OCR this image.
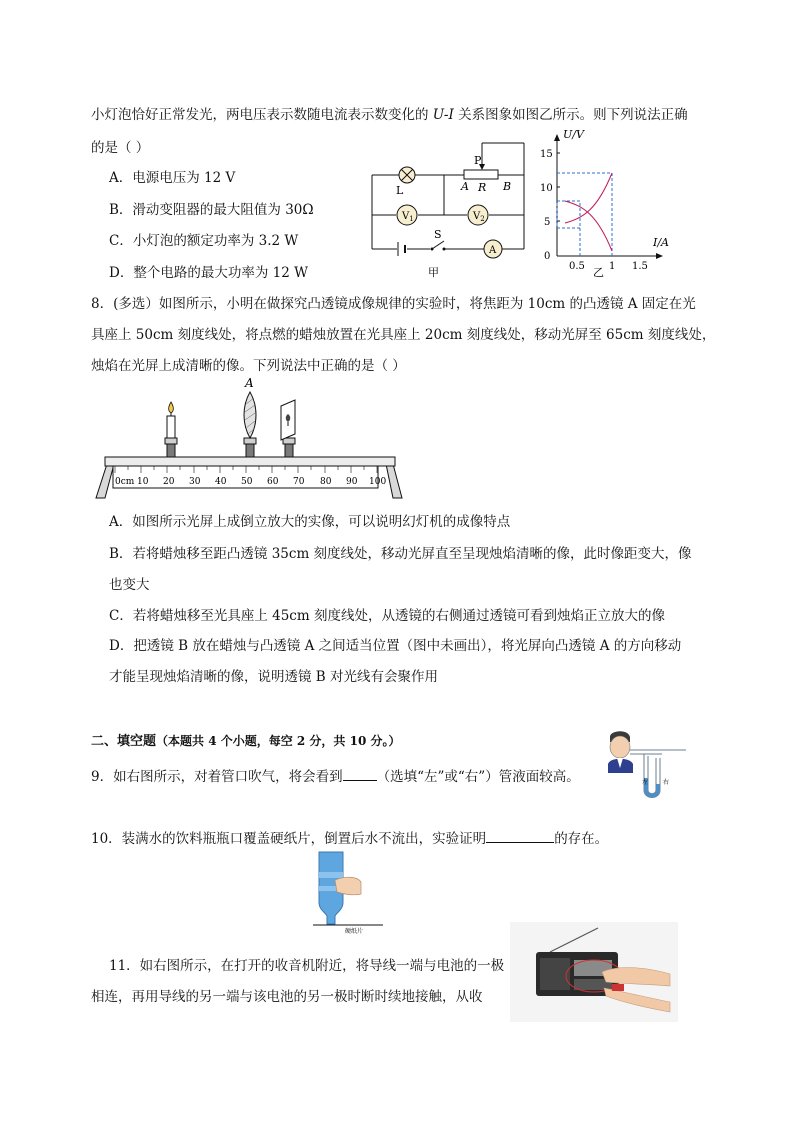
小灯泡恰好正常发光，两电压表示数随电流表示数变化的 U-I 关系图象如图乙所示。则下列说法正确
的是（ ）
A．电源电压为 12 V
B．滑动变阻器的最大阻值为 30Ω
C．小灯泡的额定功率为 3.2 W
D．整个电路的最大功率为 12 W
P
L	A R B
$V_1$	$V_2$
S
A
甲
U/V
I/A
15
10
5
0
0.5 1 1.5
乙
8．(多选）如图所示，小明在做探究凸透镜成像规律的实验时，将焦距为 10cm 的凸透镜 A 固定在光
具座上 50cm 刻度线处，将点燃的蜡烛放置在光具座上 20cm 刻度线处，移动光屏至 65cm 刻度线处，
烛焰在光屏上成清晰的像。下列说法中正确的是（ ）
0cm 10 20 30 40 50 60 70 80 90 100
A
A．如图所示光屏上成倒立放大的实像，可以说明幻灯机的成像特点
B．若将蜡烛移至距凸透镜 35cm 刻度线处，移动光屏直至呈现烛焰清晰的像，此时像距变大，像
也变大
C．若将蜡烛移至光具座上 45cm 刻度线处，从透镜的右侧通过透镜可看到烛焰正立放大的像
D．把透镜 B 放在蜡烛与凸透镜 A 之间适当位置（图中未画出），将光屏向凸透镜 A 的方向移动
才能呈现烛焰清晰的像，说明透镜 B 对光线有会聚作用
二、填空题（本题共 4 个小题，每空 2 分，共 10 分。）
9．如右图所示，对着管口吹气，将会看到	（选填“左”或“右”）管液面较高。	左 右
10．装满水的饮料瓶瓶口覆盖硬纸片，倒置后水不流出，实验证明	的存在。
硬纸片
11．如右图所示，在打开的收音机附近，将导线一端与电池的一极
相连，再用导线的另一端与该电池的另一极时断时续地接触，从收
